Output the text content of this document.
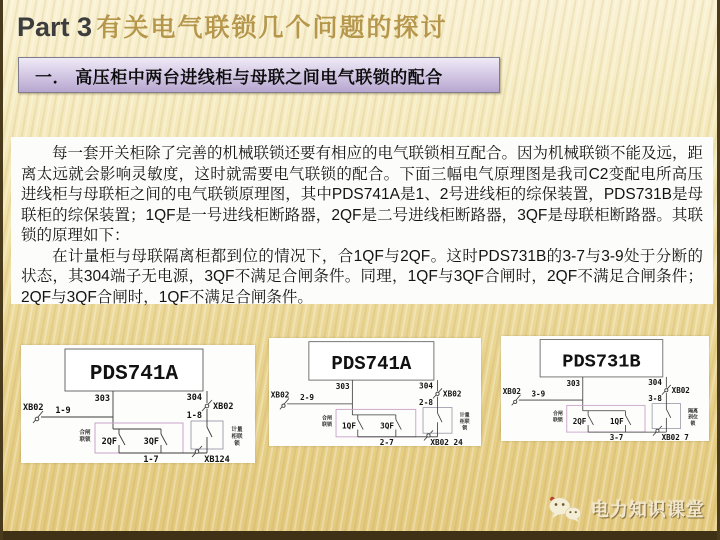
Part 3 有关电气联锁几个问题的探讨
一． 高压柜中两台进线柜与母联之间电气联锁的配合

每一套开关柜除了完善的机械联锁还要有相应的电气联锁相互配合。因为机械联锁不能及远，距离太远就会影响灵敏度，这时就需要电气联锁的配合。下面三幅电气原理图是我司C2变配电所高压进线柜与母联柜之间的电气联锁原理图，其中PDS741A是1、2号进线柜的综保装置，PDS731B是母联柜的综保装置；1QF是一号进线柜断路器，2QF是二号进线柜断路器，3QF是母联柜断路器。其联锁的原理如下：

在计量柜与母联隔离柜都到位的情况下，合1QF与2QF。这时PDS731B的3-7与3-9处于分断的状态，其304端子无电源，3QF不满足合闸条件。同理，1QF与3QF合闸时，2QF不满足合闸条件；2QF与3QF合闸时，1QF不满足合闸条件。

PDS741A
303	304
XB02 1-9
合闸
联锁 2QF	3QF
1-7	XB124
XB02
1-8
计量
柜联
锁
PDS741A
303	304
XB02 2-9
合闸
联锁 1QF	3QF
2-7	XB02 24
XB02
2-8
计量
柜联
锁
PDS731B
303	304
XB02 3-9
合闸
联锁 2QF	1QF
3-7	XB02 7
XB02
3-8
隔离
到位
锁
电力知识课堂
